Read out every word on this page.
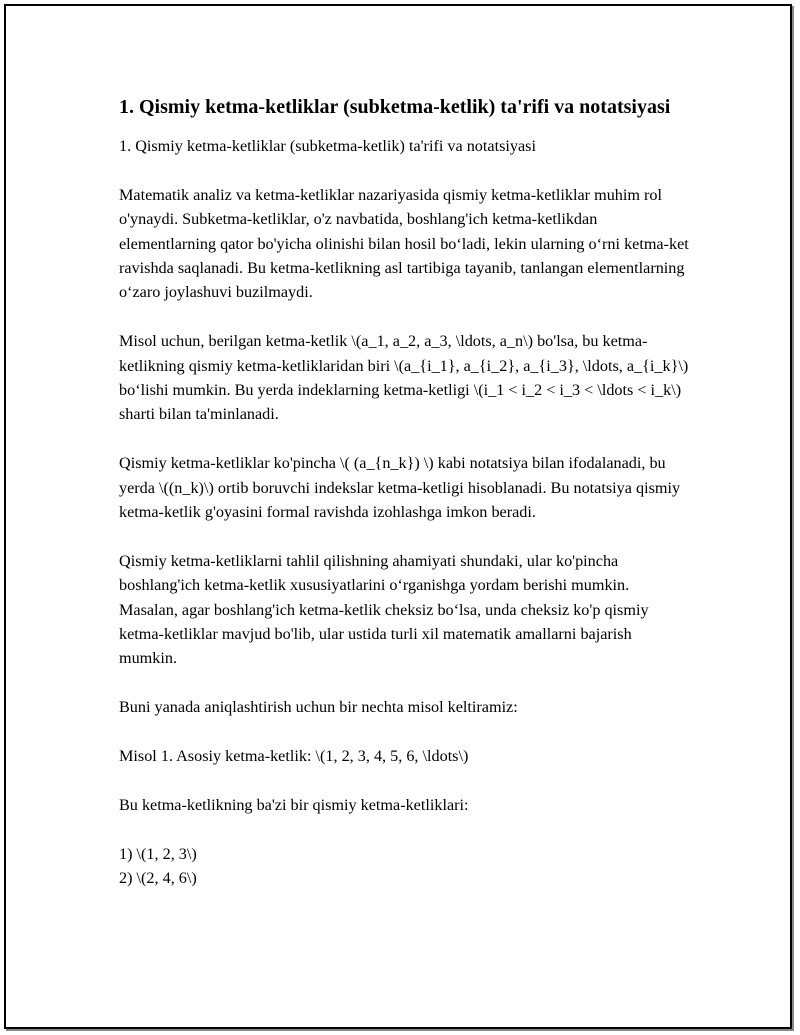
1. Qismiy ketma-ketliklar (subketma-ketlik) ta'rifi va notatsiyasi

1. Qismiy ketma-ketliklar (subketma-ketlik) ta'rifi va notatsiyasi

Matematik analiz va ketma-ketliklar nazariyasida qismiy ketma-ketliklar muhim rol o'ynaydi. Subketma-ketliklar, o'z navbatida, boshlang'ich ketma-ketlikdan elementlarning qator bo'yicha olinishi bilan hosil bo‘ladi, lekin ularning o‘rni ketma-ket ravishda saqlanadi. Bu ketma-ketlikning asl tartibiga tayanib, tanlangan elementlarning o‘zaro joylashuvi buzilmaydi.

Misol uchun, berilgan ketma-ketlik \(a_1, a_2, a_3, \ldots, a_n\) bo'lsa, bu ketma-ketlikning qismiy ketma-ketliklaridan biri \(a_{i_1}, a_{i_2}, a_{i_3}, \ldots, a_{i_k}\) bo‘lishi mumkin. Bu yerda indeklarning ketma-ketligi \(i_1 < i_2 < i_3 < \ldots < i_k\) sharti bilan ta'minlanadi.

Qismiy ketma-ketliklar ko'pincha \( (a_{n_k}) \) kabi notatsiya bilan ifodalanadi, bu yerda \((n_k)\) ortib boruvchi indekslar ketma-ketligi hisoblanadi. Bu notatsiya qismiy ketma-ketlik g'oyasini formal ravishda izohlashga imkon beradi.

Qismiy ketma-ketliklarni tahlil qilishning ahamiyati shundaki, ular ko'pincha boshlang'ich ketma-ketlik xususiyatlarini o‘rganishga yordam berishi mumkin. Masalan, agar boshlang'ich ketma-ketlik cheksiz bo‘lsa, unda cheksiz ko'p qismiy ketma-ketliklar mavjud bo'lib, ular ustida turli xil matematik amallarni bajarish mumkin.

Buni yanada aniqlashtirish uchun bir nechta misol keltiramiz:

Misol 1. Asosiy ketma-ketlik: \(1, 2, 3, 4, 5, 6, \ldots\)

Bu ketma-ketlikning ba'zi bir qismiy ketma-ketliklari:

1) \(1, 2, 3\)

2) \(2, 4, 6\)
